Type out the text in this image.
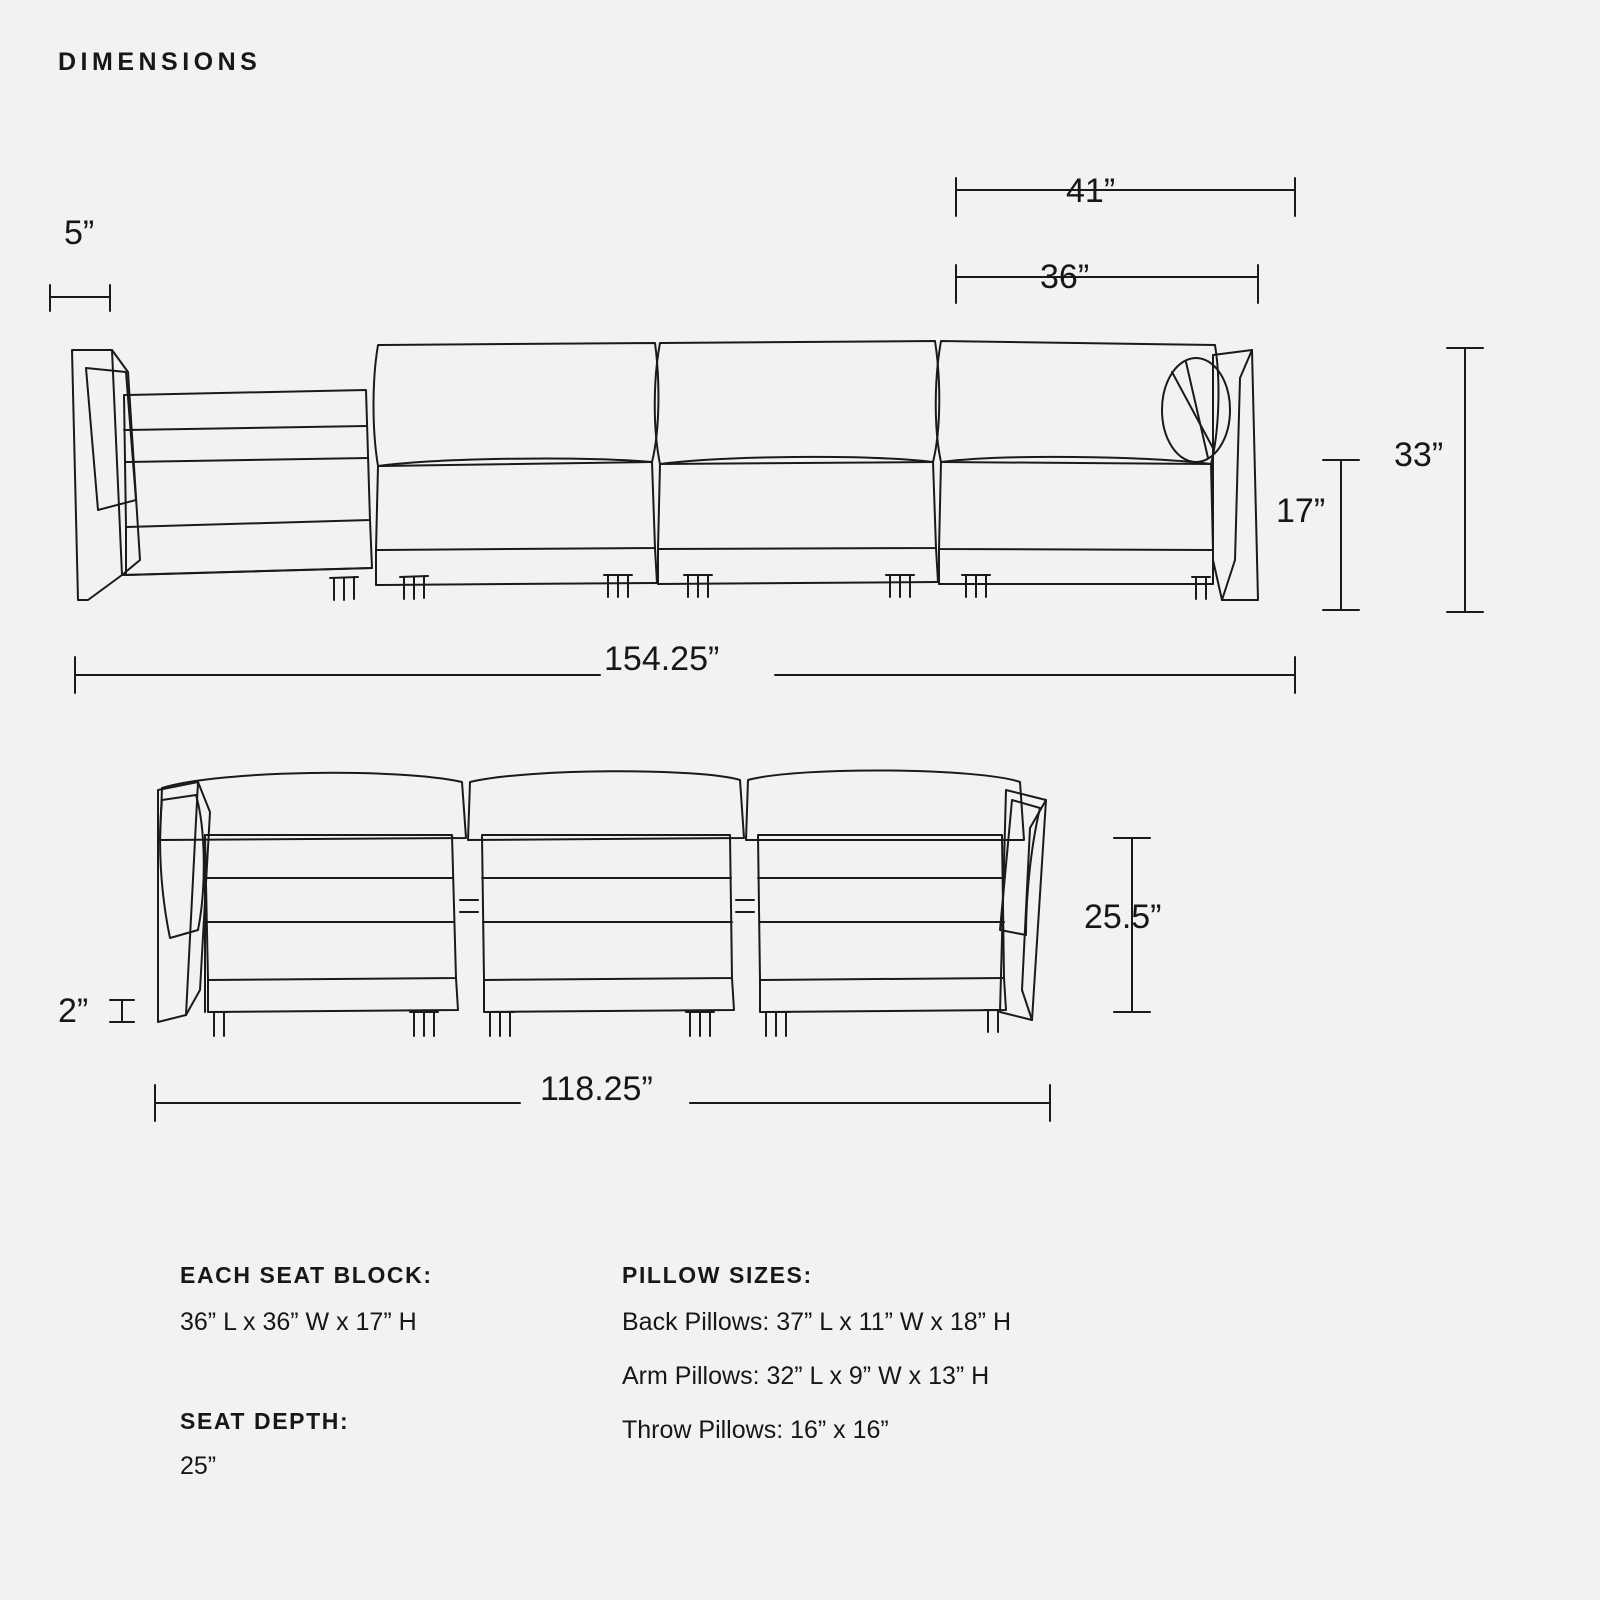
DIMENSIONS
5”
41”
36”
33”
17”
154.25”
25.5”
2”
118.25”
EACH SEAT BLOCK:
36” L x 36” W x 17” H
SEAT DEPTH:
25”
PILLOW SIZES:
Back Pillows: 37” L x 11” W x 18” H
Arm Pillows: 32” L x 9” W x 13” H
Throw Pillows: 16” x 16”
